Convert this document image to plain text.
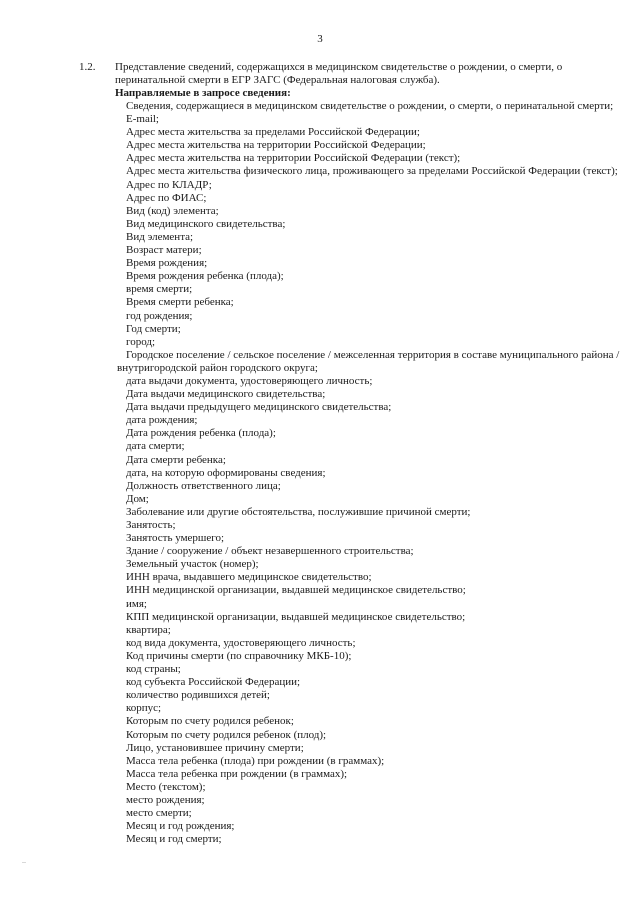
3
1.2. Представление сведений, содержащихся в медицинском свидетельстве о рождении, о смерти, о перинатальной смерти в ЕГР ЗАГС (Федеральная налоговая служба).
Направляемые в запросе сведения:
Сведения, содержащиеся в медицинском свидетельстве о рождении, о смерти, о перинатальной смерти;
E-mail;
Адрес места жительства за пределами Российской Федерации;
Адрес места жительства на территории Российской Федерации;
Адрес места жительства на территории Российской Федерации (текст);
Адрес места жительства физического лица, проживающего за пределами Российской Федерации (текст);
Адрес по КЛАДР;
Адрес по ФИАС;
Вид (код) элемента;
Вид медицинского свидетельства;
Вид элемента;
Возраст матери;
Время рождения;
Время рождения ребенка (плода);
время смерти;
Время смерти ребенка;
год рождения;
Год смерти;
город;
Городское поселение / сельское поселение / межселенная территория в составе муниципального района /
внутригородской район городского округа;
дата выдачи документа, удостоверяющего личность;
Дата выдачи медицинского свидетельства;
Дата выдачи предыдущего медицинского свидетельства;
дата рождения;
Дата рождения ребенка (плода);
дата смерти;
Дата смерти ребенка;
дата, на которую оформированы сведения;
Должность ответственного лица;
Дом;
Заболевание или другие обстоятельства, послужившие причиной смерти;
Занятость;
Занятость умершего;
Здание / сооружение / объект незавершенного строительства;
Земельный участок (номер);
ИНН врача, выдавшего медицинское свидетельство;
ИНН медицинской организации, выдавшей медицинское свидетельство;
имя;
КПП медицинской организации, выдавшей медицинское свидетельство;
квартира;
код вида документа, удостоверяющего личность;
Код причины смерти (по справочнику МКБ-10);
код страны;
код субъекта Российской Федерации;
количество родившихся детей;
корпус;
Которым по счету родился ребенок;
Которым по счету родился ребенок (плод);
Лицо, установившее причину смерти;
Масса тела ребенка (плода) при рождении (в граммах);
Масса тела ребенка при рождении (в граммах);
Место (текстом);
место рождения;
место смерти;
Месяц и год рождения;
Месяц и год смерти;
